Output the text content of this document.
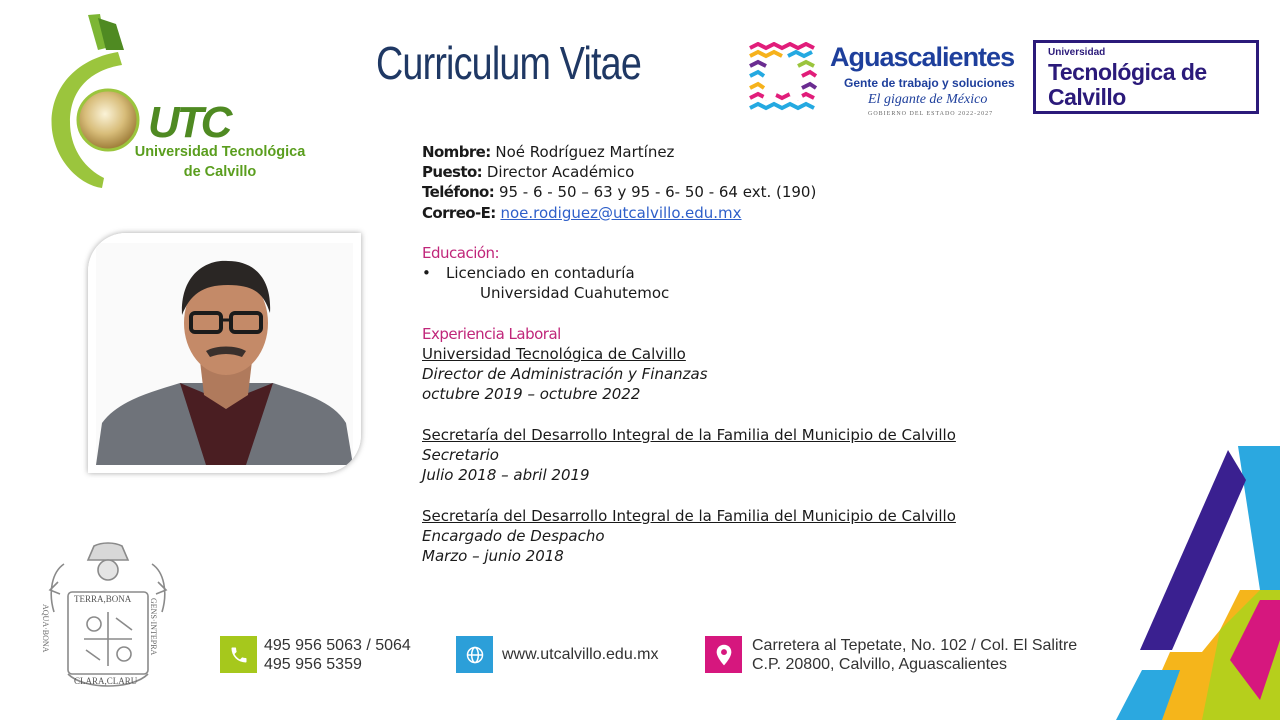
Curriculum Vitae
UTC
Universidad Tecnológica
de Calvillo
Aguascalientes
Gente de trabajo y soluciones
El gigante de México
GOBIERNO DEL ESTADO 2022-2027
Universidad
Tecnológica de
Calvillo
Nombre: Noé Rodríguez Martínez
Puesto: Director Académico
Teléfono: 95 - 6 - 50 – 63 y 95 - 6- 50 - 64 ext. (190)
Correo-E: noe.rodiguez@utcalvillo.edu.mx
Educación:
• Licenciado en contaduría
Universidad Cuahutemoc
Experiencia Laboral
Universidad Tecnológica de Calvillo
Director de Administración y Finanzas
octubre 2019 – octubre 2022
Secretaría del Desarrollo Integral de la Familia del Municipio de Calvillo
Secretario
Julio 2018 – abril 2019
Secretaría del Desarrollo Integral de la Familia del Municipio de Calvillo
Encargado de Despacho
Marzo – junio 2018
TERRA,BONA
AQUA·BONA	GENS·INTEPRA
CLARA,CLARU
495 956 5063 / 5064
495 956 5359
www.utcalvillo.edu.mx
Carretera al Tepetate, No. 102 / Col. El Salitre
C.P. 20800, Calvillo, Aguascalientes
